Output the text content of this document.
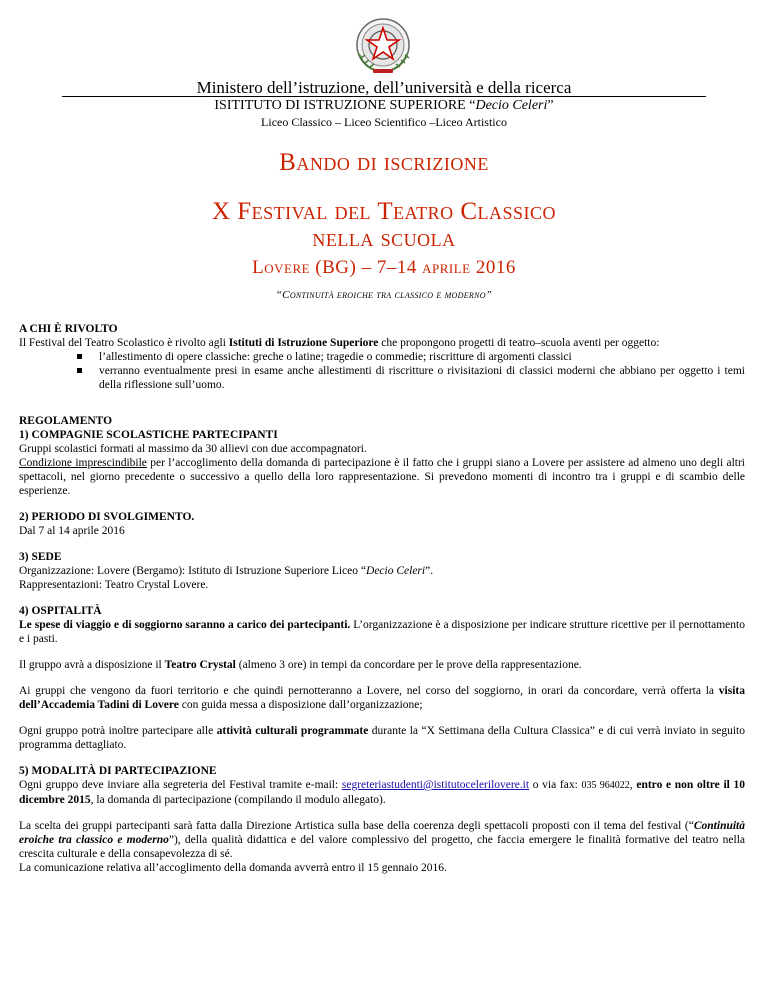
Ministero dell’istruzione, dell’università e della ricerca
ISITITUTO DI ISTRUZIONE SUPERIORE “Decio Celeri”
Liceo Classico – Liceo Scientifico –Liceo Artistico
Bando di iscrizione
X Festival del Teatro Classico
nella scuola
Lovere (BG) – 7–14 aprile 2016
“Continuità eroiche tra classico e moderno”

A CHI È RIVOLTO

Il Festival del Teatro Scolastico è rivolto agli Istituti di Istruzione Superiore che propongono progetti di teatro–scuola aventi per oggetto:

l’allestimento di opere classiche: greche o latine; tragedie o commedie; riscritture di argomenti classici
verranno eventualmente presi in esame anche allestimenti di riscritture o rivisitazioni di classici moderni che abbiano per oggetto i temi della riflessione sull’uomo.

REGOLAMENTO

1) COMPAGNIE SCOLASTICHE PARTECIPANTI

Gruppi scolastici formati al massimo da 30 allievi con due accompagnatori.

Condizione imprescindibile per l’accoglimento della domanda di partecipazione è il fatto che i gruppi siano a Lovere per assistere ad almeno uno degli altri spettacoli, nel giorno precedente o successivo a quello della loro rappresentazione. Si prevedono momenti di incontro tra i gruppi e di scambio delle esperienze.

2) PERIODO DI SVOLGIMENTO.

Dal 7 al 14 aprile 2016

3) SEDE

Organizzazione: Lovere (Bergamo): Istituto di Istruzione Superiore Liceo “Decio Celeri”.

Rappresentazioni: Teatro Crystal Lovere.

4) OSPITALITÀ

Le spese di viaggio e di soggiorno saranno a carico dei partecipanti. L’organizzazione è a disposizione per indicare strutture ricettive per il pernottamento e i pasti.

Il gruppo avrà a disposizione il Teatro Crystal (almeno 3 ore) in tempi da concordare per le prove della rappresentazione.

Ai gruppi che vengono da fuori territorio e che quindi pernotteranno a Lovere, nel corso del soggiorno, in orari da concordare, verrà offerta la visita dell’Accademia Tadini di Lovere con guida messa a disposizione dall’organizzazione;

Ogni gruppo potrà inoltre partecipare alle attività culturali programmate durante la “X Settimana della Cultura Classica” e di cui verrà inviato in seguito programma dettagliato.

5) MODALITÀ DI PARTECIPAZIONE

Ogni gruppo deve inviare alla segreteria del Festival tramite e-mail: segreteriastudenti@istitutocelerilovere.it o via fax: 035 964022, entro e non oltre il 10 dicembre 2015, la domanda di partecipazione (compilando il modulo allegato).

La scelta dei gruppi partecipanti sarà fatta dalla Direzione Artistica sulla base della coerenza degli spettacoli proposti con il tema del festival (“Continuità eroiche tra classico e moderno”), della qualità didattica e del valore complessivo del progetto, che faccia emergere le finalità formative del teatro nella crescita culturale e della consapevolezza di sé.

La comunicazione relativa all’accoglimento della domanda avverrà entro il 15 gennaio 2016.
